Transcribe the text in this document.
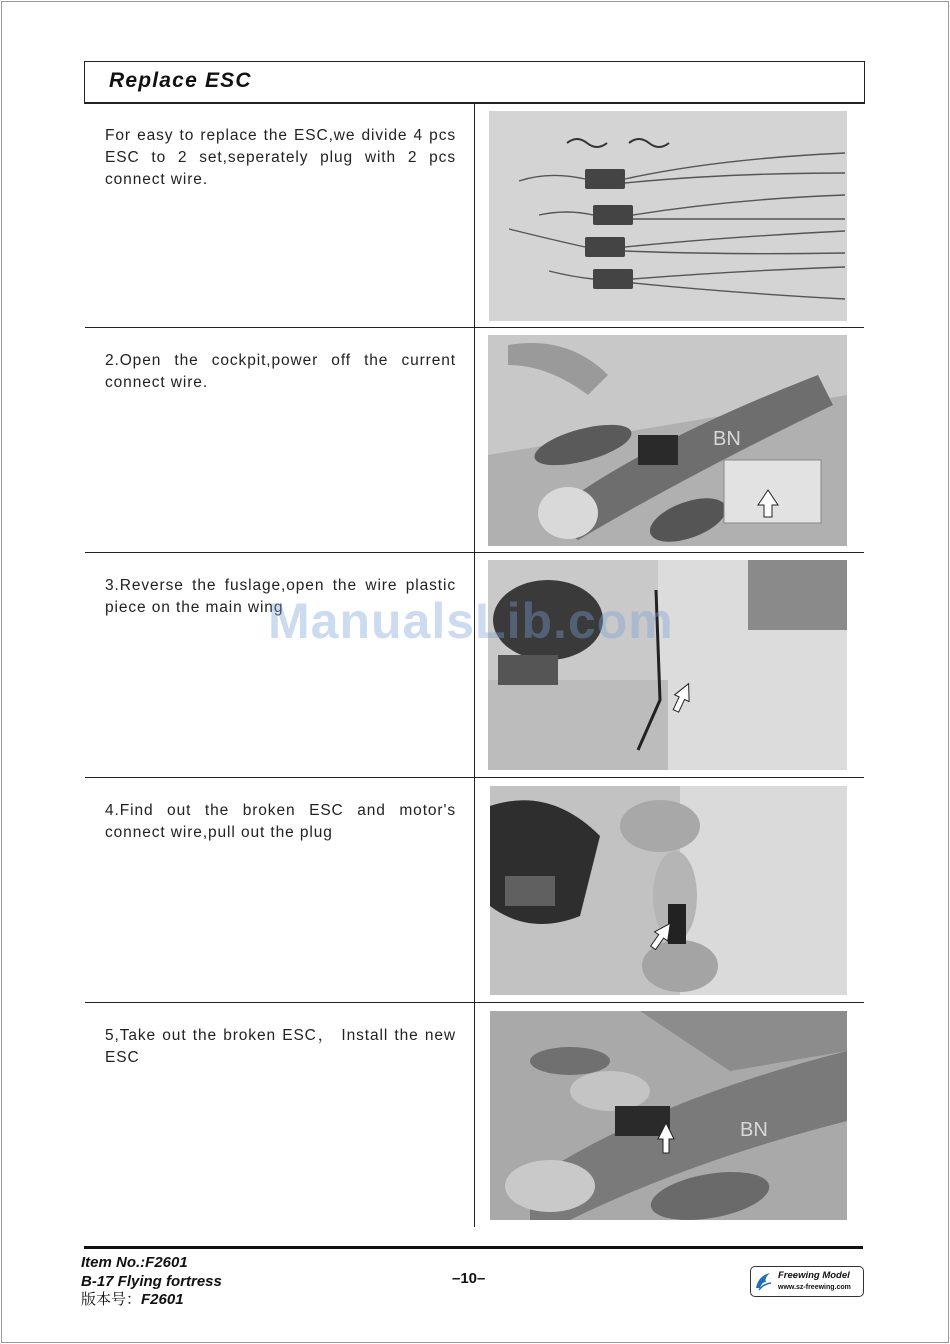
Replace ESC
For easy to replace the ESC,we divide 4 pcs ESC to 2 set,seperately plug with 2 pcs connect wire.
2.Open the cockpit,power off the current connect wire.
BN
3.Reverse the fuslage,open the wire plastic piece on the main wing
4.Find out the broken ESC and motor's connect wire,pull out the plug
5,Take out the broken ESC， Install the new ESC
BN
ManualsLib.com
Item No.:F2601
B-17 Flying fortress
版本号：F2601
–10–	Freewing Model
www.sz-freewing.com
